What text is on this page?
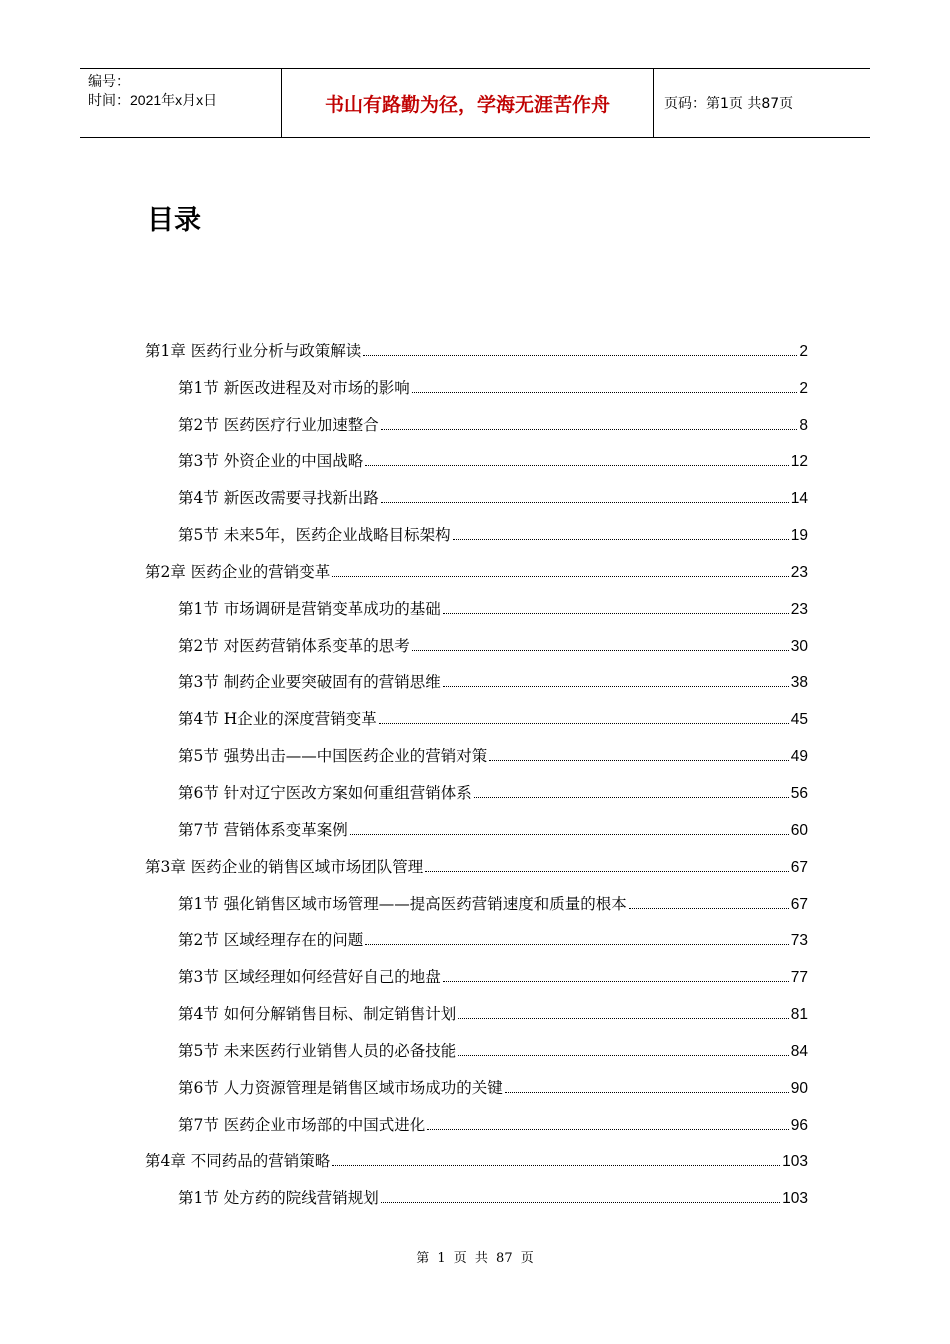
编号：
时间：2021年x月x日	书山有路勤为径，学海无涯苦作舟	页码：第1页 共87页
目录
第1章 医药行业分析与政策解读	2
第1节 新医改进程及对市场的影响	2
第2节 医药医疗行业加速整合	8
第3节 外资企业的中国战略	12
第4节 新医改需要寻找新出路	14
第5节 未来5年，医药企业战略目标架构	19
第2章 医药企业的营销变革	23
第1节 市场调研是营销变革成功的基础	23
第2节 对医药营销体系变革的思考	30
第3节 制药企业要突破固有的营销思维	38
第4节 H企业的深度营销变革	45
第5节 强势出击——中国医药企业的营销对策	49
第6节 针对辽宁医改方案如何重组营销体系	56
第7节 营销体系变革案例	60
第3章 医药企业的销售区域市场团队管理	67
第1节 强化销售区域市场管理——提高医药营销速度和质量的根本	67
第2节 区域经理存在的问题	73
第3节 区域经理如何经营好自己的地盘	77
第4节 如何分解销售目标、制定销售计划	81
第5节 未来医药行业销售人员的必备技能	84
第6节 人力资源管理是销售区域市场成功的关键	90
第7节 医药企业市场部的中国式进化	96
第4章 不同药品的营销策略	103
第1节 处方药的院线营销规划	103
第 1 页 共 87 页
